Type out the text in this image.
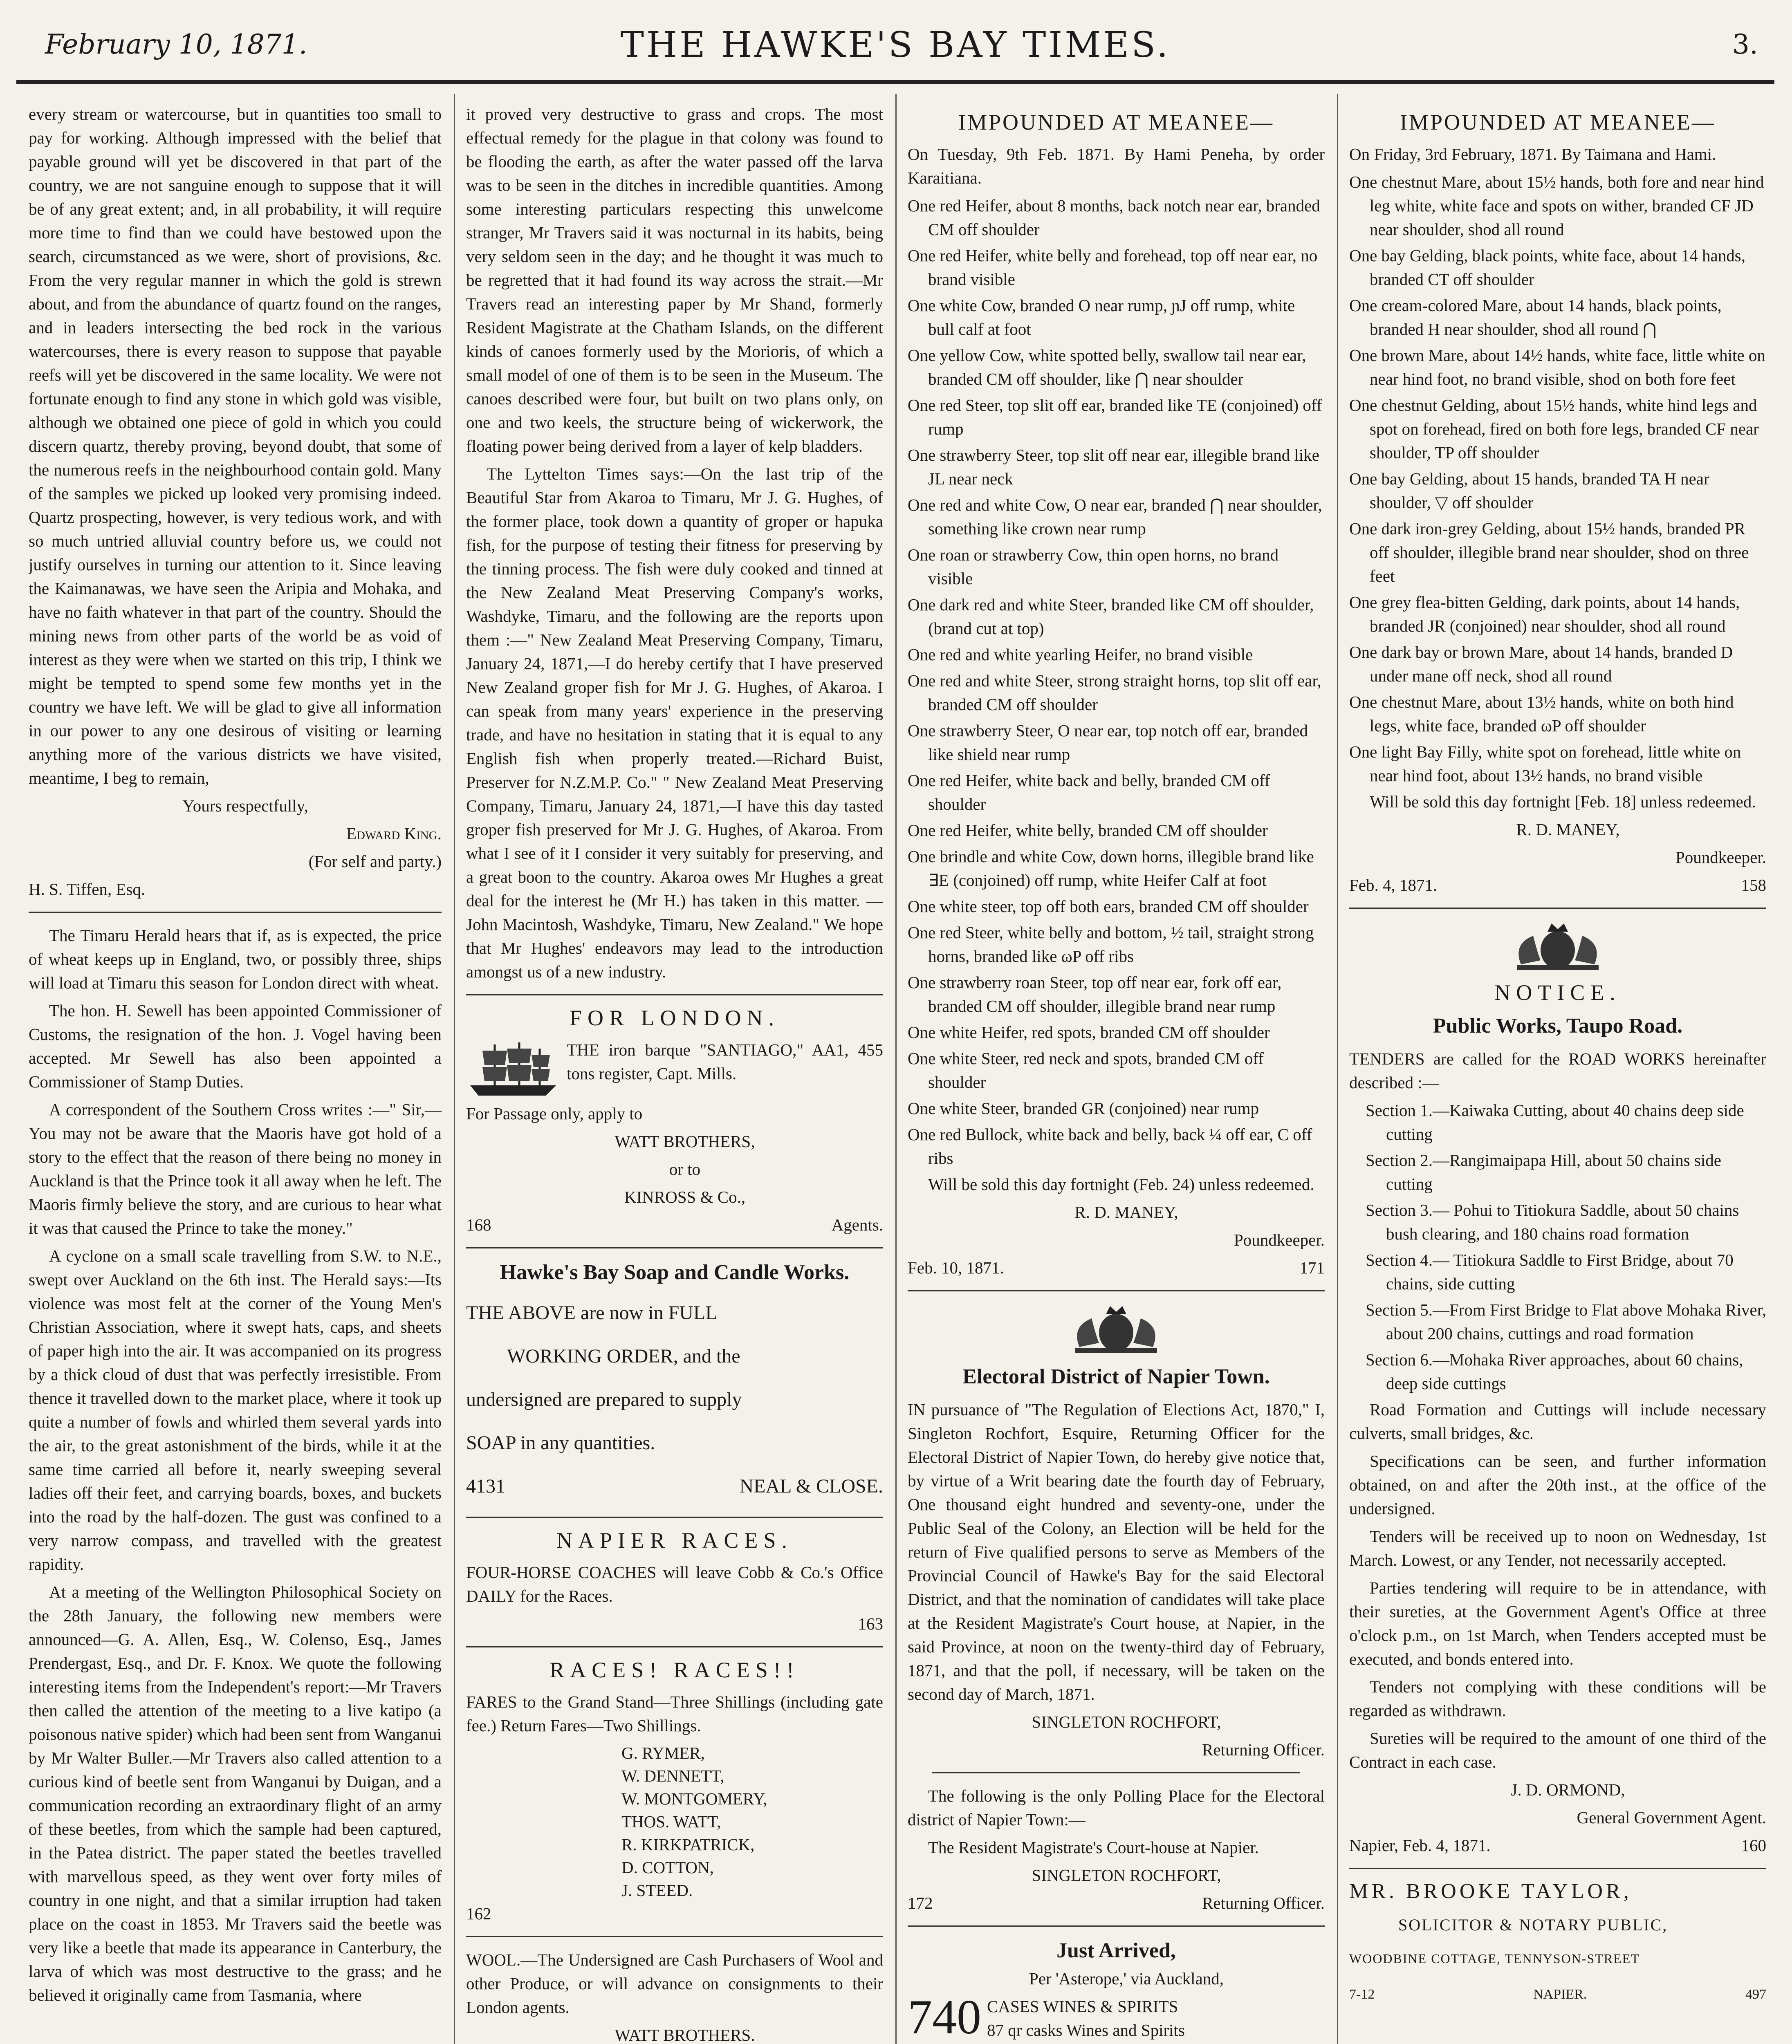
February 10, 1871.	THE HAWKE'S BAY TIMES.	3.

every stream or watercourse, but in quantities too small to pay for working. Although impressed with the belief that payable ground will yet be discovered in that part of the country, we are not sanguine enough to suppose that it will be of any great extent; and, in all probability, it will require more time to find than we could have bestowed upon the search, circumstanced as we were, short of provisions, &c. From the very regular manner in which the gold is strewn about, and from the abundance of quartz found on the ranges, and in leaders intersecting the bed rock in the various watercourses, there is every reason to suppose that payable reefs will yet be discovered in the same locality. We were not fortunate enough to find any stone in which gold was visible, although we obtained one piece of gold in which you could discern quartz, thereby proving, beyond doubt, that some of the numerous reefs in the neighbourhood contain gold. Many of the samples we picked up looked very promising indeed. Quartz prospecting, however, is very tedious work, and with so much untried alluvial country before us, we could not justify ourselves in turning our attention to it. Since leaving the Kaimanawas, we have seen the Aripia and Mohaka, and have no faith whatever in that part of the country. Should the mining news from other parts of the world be as void of interest as they were when we started on this trip, I think we might be tempted to spend some few months yet in the country we have left. We will be glad to give all information in our power to any one desirous of visiting or learning anything more of the various districts we have visited, meantime, I beg to remain,

Yours respectfully,

Edward King.

(For self and party.)

H. S. Tiffen, Esq.

The Timaru Herald hears that if, as is expected, the price of wheat keeps up in England, two, or possibly three, ships will load at Timaru this season for London direct with wheat.

The hon. H. Sewell has been appointed Commissioner of Customs, the resignation of the hon. J. Vogel having been accepted. Mr Sewell has also been appointed a Commissioner of Stamp Duties.

A correspondent of the Southern Cross writes :—" Sir,—You may not be aware that the Maoris have got hold of a story to the effect that the reason of there being no money in Auckland is that the Prince took it all away when he left. The Maoris firmly believe the story, and are curious to hear what it was that caused the Prince to take the money."

A cyclone on a small scale travelling from S.W. to N.E., swept over Auckland on the 6th inst. The Herald says:—Its violence was most felt at the corner of the Young Men's Christian Association, where it swept hats, caps, and sheets of paper high into the air. It was accompanied on its progress by a thick cloud of dust that was perfectly irresistible. From thence it travelled down to the market place, where it took up quite a number of fowls and whirled them several yards into the air, to the great astonishment of the birds, while it at the same time carried all before it, nearly sweeping several ladies off their feet, and carrying boards, boxes, and buckets into the road by the half-dozen. The gust was confined to a very narrow compass, and travelled with the greatest rapidity.

At a meeting of the Wellington Philosophical Society on the 28th January, the following new members were announced—G. A. Allen, Esq., W. Colenso, Esq., James Prendergast, Esq., and Dr. F. Knox. We quote the following interesting items from the Independent's report:—Mr Travers then called the attention of the meeting to a live katipo (a poisonous native spider) which had been sent from Wanganui by Mr Walter Buller.—Mr Travers also called attention to a curious kind of beetle sent from Wanganui by Duigan, and a communication recording an extraordinary flight of an army of these beetles, from which the sample had been captured, in the Patea district. The paper stated the beetles travelled with marvellous speed, as they went over forty miles of country in one night, and that a similar irruption had taken place on the coast in 1853. Mr Travers said the beetle was very like a beetle that made its appearance in Canterbury, the larva of which was most destructive to the grass; and he believed it originally came from Tasmania, where

it proved very destructive to grass and crops. The most effectual remedy for the plague in that colony was found to be flooding the earth, as after the water passed off the larva was to be seen in the ditches in incredible quantities. Among some interesting particulars respecting this unwelcome stranger, Mr Travers said it was nocturnal in its habits, being very seldom seen in the day; and he thought it was much to be regretted that it had found its way across the strait.—Mr Travers read an interesting paper by Mr Shand, formerly Resident Magistrate at the Chatham Islands, on the different kinds of canoes formerly used by the Morioris, of which a small model of one of them is to be seen in the Museum. The canoes described were four, but built on two plans only, on one and two keels, the structure being of wickerwork, the floating power being derived from a layer of kelp bladders.

The Lyttelton Times says:—On the last trip of the Beautiful Star from Akaroa to Timaru, Mr J. G. Hughes, of the former place, took down a quantity of groper or hapuka fish, for the purpose of testing their fitness for preserving by the tinning process. The fish were duly cooked and tinned at the New Zealand Meat Preserving Company's works, Washdyke, Timaru, and the following are the reports upon them :—" New Zealand Meat Preserving Company, Timaru, January 24, 1871,—I do hereby certify that I have preserved New Zealand groper fish for Mr J. G. Hughes, of Akaroa. I can speak from many years' experience in the preserving trade, and have no hesitation in stating that it is equal to any English fish when properly treated.—Richard Buist, Preserver for N.Z.M.P. Co." " New Zealand Meat Preserving Company, Timaru, January 24, 1871,—I have this day tasted groper fish preserved for Mr J. G. Hughes, of Akaroa. From what I see of it I consider it very suitably for preserving, and a great boon to the country. Akaroa owes Mr Hughes a great deal for the interest he (Mr H.) has taken in this matter. — John Macintosh, Washdyke, Timaru, New Zealand." We hope that Mr Hughes' endeavors may lead to the introduction amongst us of a new industry.

FOR LONDON.

THE iron barque "SANTIAGO," AA1, 455 tons register, Capt. Mills.

For Passage only, apply to

WATT BROTHERS,

or to

KINROSS & Co.,

168	Agents.
Hawke's Bay Soap and Candle Works.

THE ABOVE are now in FULL

WORKING ORDER, and the

undersigned are prepared to supply

SOAP in any quantities.

4131	NEAL & CLOSE.
NAPIER RACES.

FOUR-HORSE COACHES will leave Cobb & Co.'s Office DAILY for the Races.

163

RACES! RACES!!

FARES to the Grand Stand—Three Shillings (including gate fee.) Return Fares—Two Shillings.

G. RYMER,
W. DENNETT,
W. MONTGOMERY,
THOS. WATT,
R. KIRKPATRICK,
D. COTTON,
J. STEED.

162

WOOL.—The Undersigned are Cash Purchasers of Wool and other Produce, or will advance on consignments to their London agents.

WATT BROTHERS.

IMPOUNDED AT MEANEE—

On Tuesday, 9th Feb. 1871. By Hami Peneha, by order Karaitiana.

One red Heifer, about 8 months, back notch near ear, branded CM off shoulder

One red Heifer, white belly and forehead, top off near ear, no brand visible

One white Cow, branded O near rump, ɲJ off rump, white bull calf at foot

One yellow Cow, white spotted belly, swallow tail near ear, branded CM off shoulder, like ⋂ near shoulder

One red Steer, top slit off ear, branded like TE (conjoined) off rump

One strawberry Steer, top slit off near ear, illegible brand like JL near neck

One red and white Cow, O near ear, branded ⋂ near shoulder, something like crown near rump

One roan or strawberry Cow, thin open horns, no brand visible

One dark red and white Steer, branded like CM off shoulder, (brand cut at top)

One red and white yearling Heifer, no brand visible

One red and white Steer, strong straight horns, top slit off ear, branded CM off shoulder

One strawberry Steer, O near ear, top notch off ear, branded like shield near rump

One red Heifer, white back and belly, branded CM off shoulder

One red Heifer, white belly, branded CM off shoulder

One brindle and white Cow, down horns, illegible brand like ∃E (conjoined) off rump, white Heifer Calf at foot

One white steer, top off both ears, branded CM off shoulder

One red Steer, white belly and bottom, ½ tail, straight strong horns, branded like ωP off ribs

One strawberry roan Steer, top off near ear, fork off ear, branded CM off shoulder, illegible brand near rump

One white Heifer, red spots, branded CM off shoulder

One white Steer, red neck and spots, branded CM off shoulder

One white Steer, branded GR (conjoined) near rump

One red Bullock, white back and belly, back ¼ off ear, C off ribs

Will be sold this day fortnight (Feb. 24) unless redeemed.

R. D. MANEY,

Poundkeeper.

Feb. 10, 1871.	171
Electoral District of Napier Town.

IN pursuance of "The Regulation of Elections Act, 1870," I, Singleton Rochfort, Esquire, Returning Officer for the Electoral District of Napier Town, do hereby give notice that, by virtue of a Writ bearing date the fourth day of February, One thousand eight hundred and seventy-one, under the Public Seal of the Colony, an Election will be held for the return of Five qualified persons to serve as Members of the Provincial Council of Hawke's Bay for the said Electoral District, and that the nomination of candidates will take place at the Resident Magistrate's Court house, at Napier, in the said Province, at noon on the twenty-third day of February, 1871, and that the poll, if necessary, will be taken on the second day of March, 1871.

SINGLETON ROCHFORT,

Returning Officer.

The following is the only Polling Place for the Electoral district of Napier Town:—

The Resident Magistrate's Court-house at Napier.

SINGLETON ROCHFORT,

172	Returning Officer.
Just Arrived,

Per 'Asterope,' via Auckland,

740 CASES WINES & SPIRITS
87 qr casks Wines and Spirits
IMPOUNDED AT MEANEE—

On Friday, 3rd February, 1871. By Taimana and Hami.

One chestnut Mare, about 15½ hands, both fore and near hind leg white, white face and spots on wither, branded CF JD near shoulder, shod all round

One bay Gelding, black points, white face, about 14 hands, branded CT off shoulder

One cream-colored Mare, about 14 hands, black points, branded H near shoulder, shod all round ⋂

One brown Mare, about 14½ hands, white face, little white on near hind foot, no brand visible, shod on both fore feet

One chestnut Gelding, about 15½ hands, white hind legs and spot on forehead, fired on both fore legs, branded CF near shoulder, TP off shoulder

One bay Gelding, about 15 hands, branded TA H near shoulder, ▽ off shoulder

One dark iron-grey Gelding, about 15½ hands, branded PR off shoulder, illegible brand near shoulder, shod on three feet

One grey flea-bitten Gelding, dark points, about 14 hands, branded JR (conjoined) near shoulder, shod all round

One dark bay or brown Mare, about 14 hands, branded D under mane off neck, shod all round

One chestnut Mare, about 13½ hands, white on both hind legs, white face, branded ωP off shoulder

One light Bay Filly, white spot on forehead, little white on near hind foot, about 13½ hands, no brand visible

Will be sold this day fortnight [Feb. 18] unless redeemed.

R. D. MANEY,

Poundkeeper.

Feb. 4, 1871.	158
NOTICE.
Public Works, Taupo Road.

TENDERS are called for the ROAD WORKS hereinafter described :—

Section 1.—Kaiwaka Cutting, about 40 chains deep side cutting

Section 2.—Rangimaipapa Hill, about 50 chains side cutting

Section 3.— Pohui to Titiokura Saddle, about 50 chains bush clearing, and 180 chains road formation

Section 4.— Titiokura Saddle to First Bridge, about 70 chains, side cutting

Section 5.—From First Bridge to Flat above Mohaka River, about 200 chains, cuttings and road formation

Section 6.—Mohaka River approaches, about 60 chains, deep side cuttings

Road Formation and Cuttings will include necessary culverts, small bridges, &c.

Specifications can be seen, and further information obtained, on and after the 20th inst., at the office of the undersigned.

Tenders will be received up to noon on Wednesday, 1st March. Lowest, or any Tender, not necessarily accepted.

Parties tendering will require to be in attendance, with their sureties, at the Government Agent's Office at three o'clock p.m., on 1st March, when Tenders accepted must be executed, and bonds entered into.

Tenders not complying with these conditions will be regarded as withdrawn.

Sureties will be required to the amount of one third of the Contract in each case.

J. D. ORMOND,

General Government Agent.

Napier, Feb. 4, 1871.	160
MR. BROOKE TAYLOR,
SOLICITOR & NOTARY PUBLIC,
WOODBINE COTTAGE, TENNYSON-STREET
7-12	NAPIER.	497
